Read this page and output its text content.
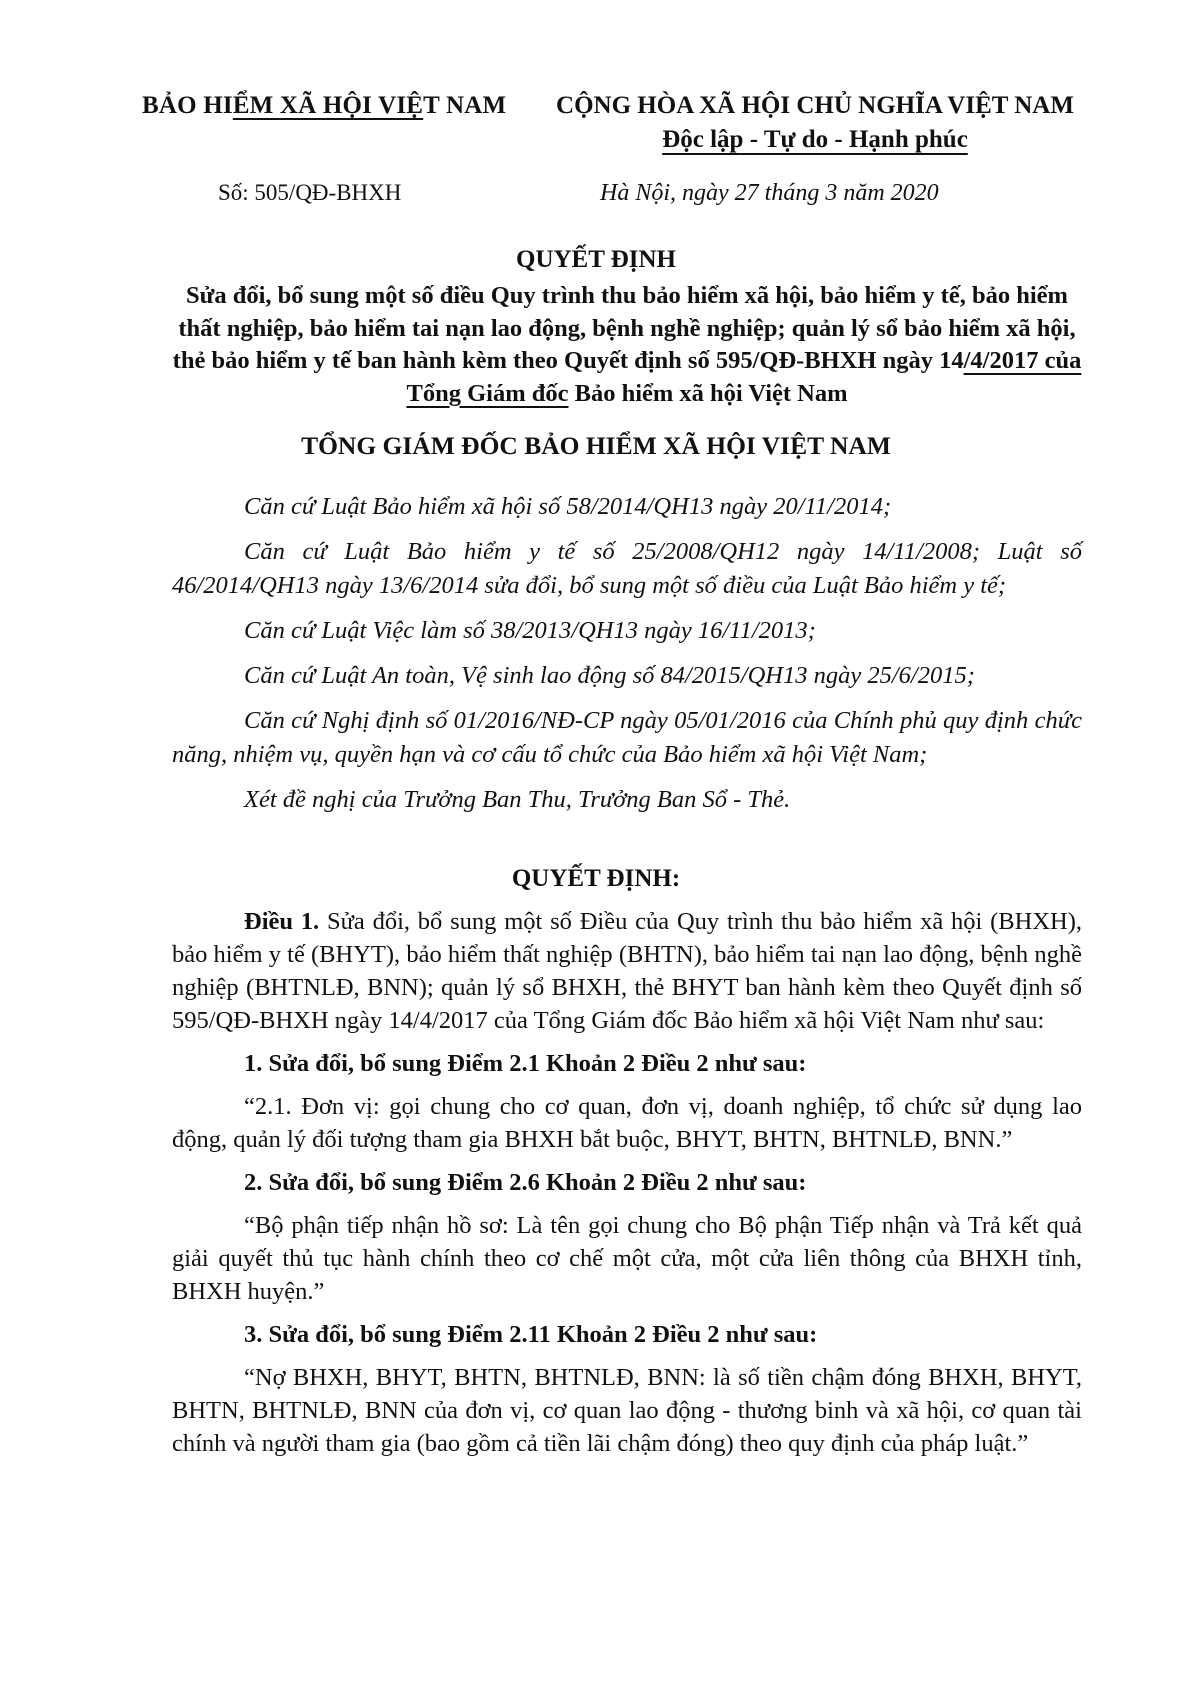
BẢO HIỂM XÃ HỘI VIỆT NAM	CỘNG HÒA XÃ HỘI CHỦ NGHĨA VIỆT NAM
Độc lập - Tự do - Hạnh phúc
Số: 505/QĐ-BHXH	Hà Nội, ngày 27 tháng 3 năm 2020
QUYẾT ĐỊNH
Sửa đổi, bổ sung một số điều Quy trình thu bảo hiểm xã hội, bảo hiểm y tế, bảo hiểm thất nghiệp, bảo hiểm tai nạn lao động, bệnh nghề nghiệp; quản lý sổ bảo hiểm xã hội, thẻ bảo hiểm y tế ban hành kèm theo Quyết định số 595/QĐ-BHXH ngày 14/4/2017 của Tổng Giám đốc Bảo hiểm xã hội Việt Nam
TỔNG GIÁM ĐỐC BẢO HIỂM XÃ HỘI VIỆT NAM

Căn cứ Luật Bảo hiểm xã hội số 58/2014/QH13 ngày 20/11/2014;

Căn cứ Luật Bảo hiểm y tế số 25/2008/QH12 ngày 14/11/2008; Luật số 46/2014/QH13 ngày 13/6/2014 sửa đổi, bổ sung một số điều của Luật Bảo hiểm y tế;

Căn cứ Luật Việc làm số 38/2013/QH13 ngày 16/11/2013;

Căn cứ Luật An toàn, Vệ sinh lao động số 84/2015/QH13 ngày 25/6/2015;

Căn cứ Nghị định số 01/2016/NĐ-CP ngày 05/01/2016 của Chính phủ quy định chức năng, nhiệm vụ, quyền hạn và cơ cấu tổ chức của Bảo hiểm xã hội Việt Nam;

Xét đề nghị của Trưởng Ban Thu, Trưởng Ban Sổ - Thẻ.

QUYẾT ĐỊNH:

Điều 1. Sửa đổi, bổ sung một số Điều của Quy trình thu bảo hiểm xã hội (BHXH), bảo hiểm y tế (BHYT), bảo hiểm thất nghiệp (BHTN), bảo hiểm tai nạn lao động, bệnh nghề nghiệp (BHTNLĐ, BNN); quản lý sổ BHXH, thẻ BHYT ban hành kèm theo Quyết định số 595/QĐ-BHXH ngày 14/4/2017 của Tổng Giám đốc Bảo hiểm xã hội Việt Nam như sau:

1. Sửa đổi, bổ sung Điểm 2.1 Khoản 2 Điều 2 như sau:

“2.1. Đơn vị: gọi chung cho cơ quan, đơn vị, doanh nghiệp, tổ chức sử dụng lao động, quản lý đối tượng tham gia BHXH bắt buộc, BHYT, BHTN, BHTNLĐ, BNN.”

2. Sửa đổi, bổ sung Điểm 2.6 Khoản 2 Điều 2 như sau:

“Bộ phận tiếp nhận hồ sơ: Là tên gọi chung cho Bộ phận Tiếp nhận và Trả kết quả giải quyết thủ tục hành chính theo cơ chế một cửa, một cửa liên thông của BHXH tỉnh, BHXH huyện.”

3. Sửa đổi, bổ sung Điểm 2.11 Khoản 2 Điều 2 như sau:

“Nợ BHXH, BHYT, BHTN, BHTNLĐ, BNN: là số tiền chậm đóng BHXH, BHYT, BHTN, BHTNLĐ, BNN của đơn vị, cơ quan lao động - thương binh và xã hội, cơ quan tài chính và người tham gia (bao gồm cả tiền lãi chậm đóng) theo quy định của pháp luật.”
